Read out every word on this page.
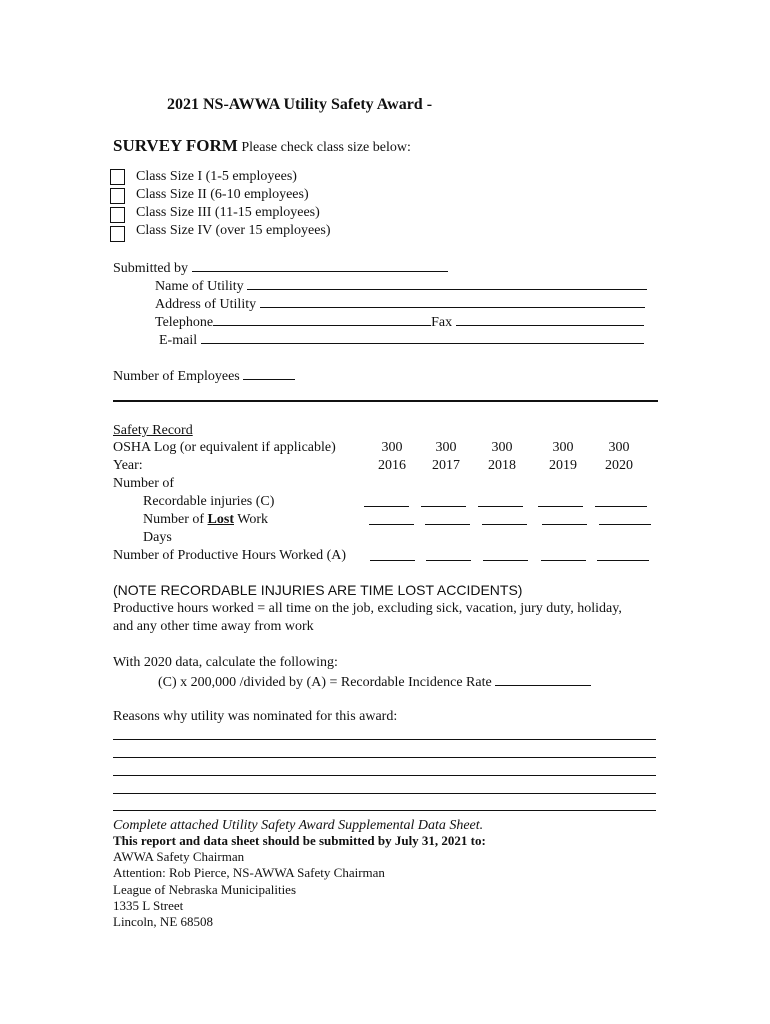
2021 NS-AWWA Utility Safety Award -
SURVEY FORM Please check class size below:
Class Size I (1-5 employees)
Class Size II (6-10 employees)
Class Size III (11-15 employees)
Class Size IV (over 15 employees)
Submitted by
Name of Utility
Address of Utility
Telephone	Fax
E-mail
Number of Employees
Safety Record
OSHA Log (or equivalent if applicable)	300	300	300	300	300
Year:	2016	2017	2018	2019	2020
Number of
Recordable injuries (C)
Number of Lost Work
Days
Number of Productive Hours Worked (A)
(NOTE RECORDABLE INJURIES ARE TIME LOST ACCIDENTS)
Productive hours worked = all time on the job, excluding sick, vacation, jury duty, holiday,
and any other time away from work
With 2020 data, calculate the following:
(C) x 200,000 /divided by (A) = Recordable Incidence Rate
Reasons why utility was nominated for this award:
Complete attached Utility Safety Award Supplemental Data Sheet.
This report and data sheet should be submitted by July 31, 2021 to:
AWWA Safety Chairman
Attention: Rob Pierce, NS-AWWA Safety Chairman
League of Nebraska Municipalities
1335 L Street
Lincoln, NE 68508
